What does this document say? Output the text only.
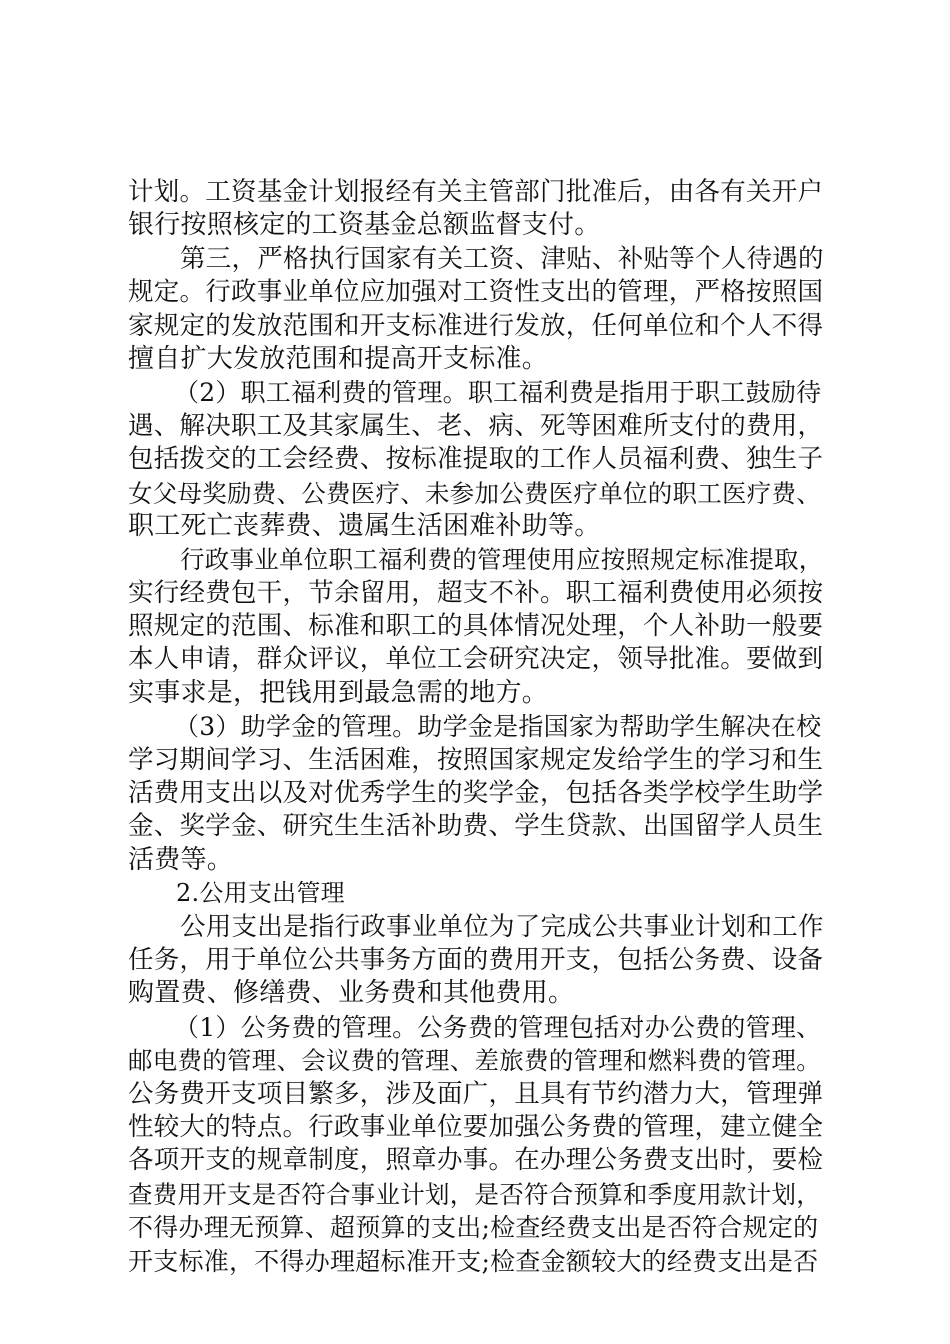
计划。工资基金计划报经有关主管部门批准后，由各有关开户
银行按照核定的工资基金总额监督支付。
第三，严格执行国家有关工资、津贴、补贴等个人待遇的
规定。行政事业单位应加强对工资性支出的管理，严格按照国
家规定的发放范围和开支标准进行发放，任何单位和个人不得
擅自扩大发放范围和提高开支标准。
（2）职工福利费的管理。职工福利费是指用于职工鼓励待
遇、解决职工及其家属生、老、病、死等困难所支付的费用，
包括拨交的工会经费、按标准提取的工作人员福利费、独生子
女父母奖励费、公费医疗、未参加公费医疗单位的职工医疗费、
职工死亡丧葬费、遗属生活困难补助等。
行政事业单位职工福利费的管理使用应按照规定标准提取，
实行经费包干，节余留用，超支不补。职工福利费使用必须按
照规定的范围、标准和职工的具体情况处理，个人补助一般要
本人申请，群众评议，单位工会研究决定，领导批准。要做到
实事求是，把钱用到最急需的地方。
（3）助学金的管理。助学金是指国家为帮助学生解决在校
学习期间学习、生活困难，按照国家规定发给学生的学习和生
活费用支出以及对优秀学生的奖学金，包括各类学校学生助学
金、奖学金、研究生生活补助费、学生贷款、出国留学人员生
活费等。
2.公用支出管理
公用支出是指行政事业单位为了完成公共事业计划和工作
任务，用于单位公共事务方面的费用开支，包括公务费、设备
购置费、修缮费、业务费和其他费用。
（1）公务费的管理。公务费的管理包括对办公费的管理、
邮电费的管理、会议费的管理、差旅费的管理和燃料费的管理。
公务费开支项目繁多，涉及面广，且具有节约潜力大，管理弹
性较大的特点。行政事业单位要加强公务费的管理，建立健全
各项开支的规章制度，照章办事。在办理公务费支出时，要检
查费用开支是否符合事业计划，是否符合预算和季度用款计划，
不得办理无预算、超预算的支出;检查经费支出是否符合规定的
开支标准，不得办理超标准开支;检查金额较大的经费支出是否
